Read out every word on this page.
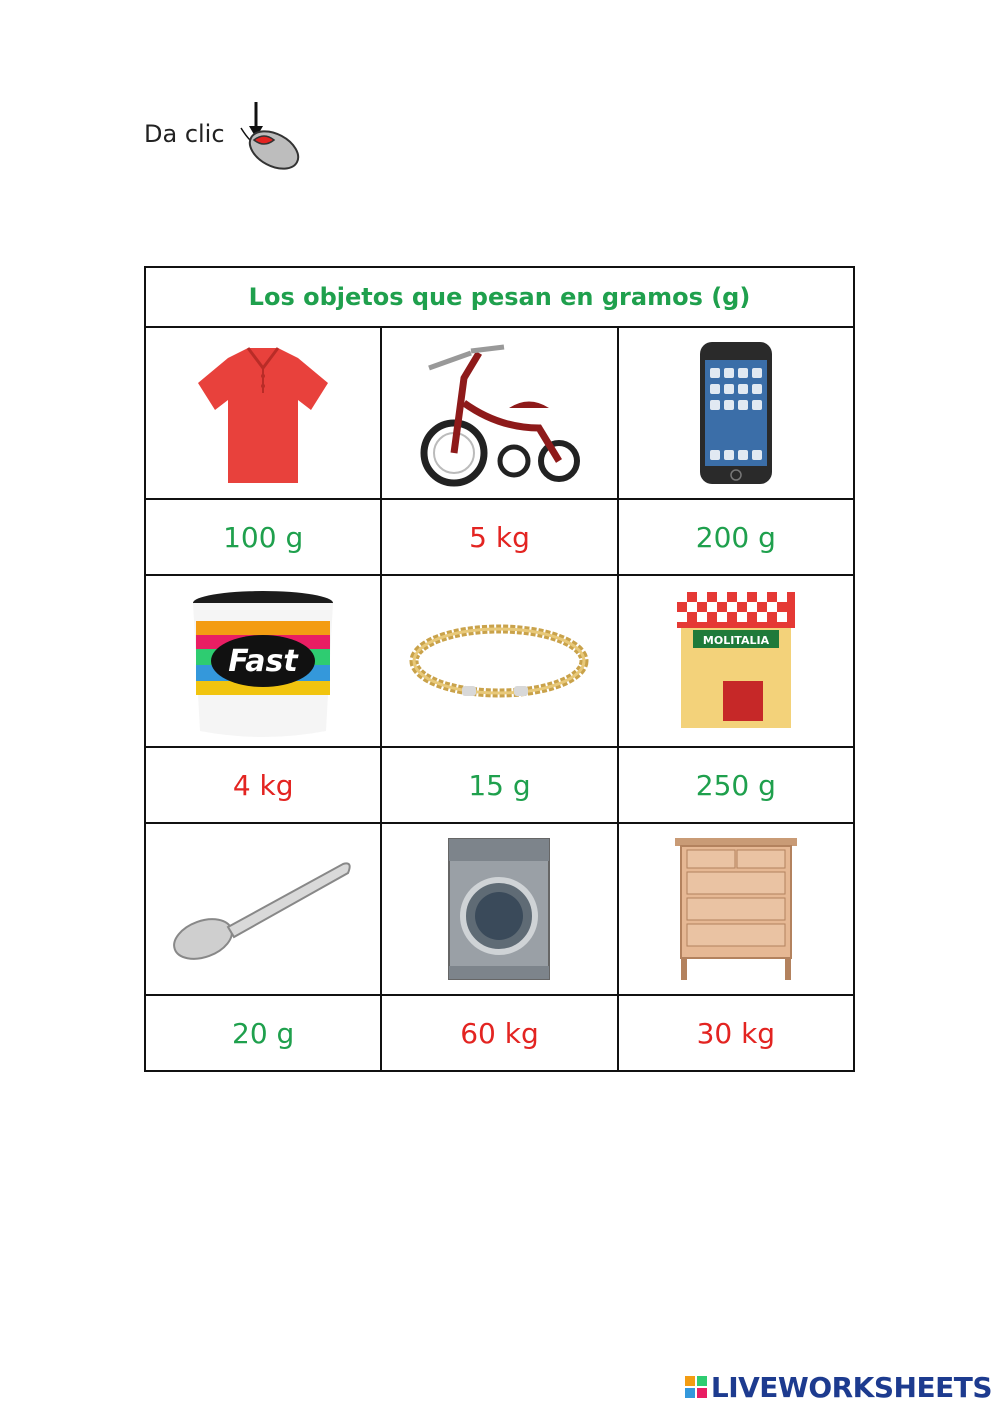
Da clic
Los objetos que pesan en gramos (g)		

100 g	5 kg	200 g

Fast		MOLITALIA

4 kg	15 g	250 g

20 g	60 kg	30 kg
LIVEWORKSHEETS
